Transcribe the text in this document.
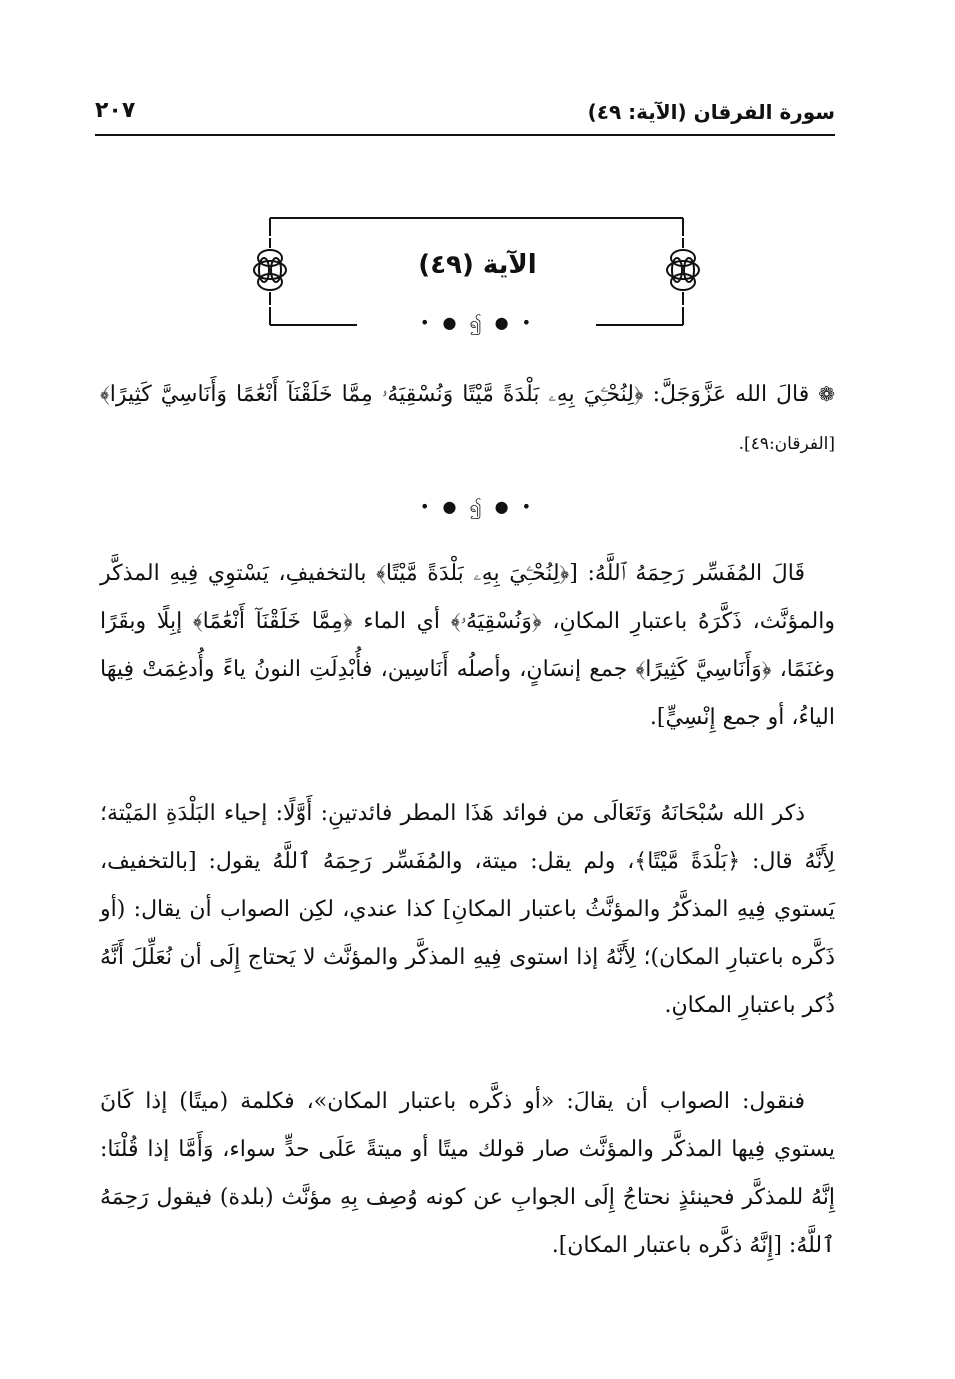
سورة الفرقان (الآية: ٤٩)
٢٠٧
الآية (٤٩)
• ● ၍ ● •

❁ قالَ الله عَزَّوَجَلَّ: ﴿لِنُحْـِۧيَ بِهِۦ بَلْدَةً مَّيْتًا وَنُسْقِيَهُۥ مِمَّا خَلَقْنَآ أَنْعَٰمًا وَأَنَاسِيَّ كَثِيرًا﴾ [الفرقان:٤٩].

• ● ၍ ● •

قَالَ المُفَسِّر رَحِمَهُ ٱللَّهُ: [﴿لِنُحْـِۧيَ بِهِۦ بَلْدَةً مَّيْتًا﴾ بالتخفيفِ، يَسْتوِي فِيهِ المذكَّر والمؤنَّث، ذَكَّرَهُ باعتبارِ المكانِ، ﴿وَنُسْقِيَهُۥ﴾ أي الماء ﴿مِمَّا خَلَقْنَآ أَنْعَٰمًا﴾ إبِلًا وبقَرًا وغنَمًا، ﴿وَأَنَاسِيَّ كَثِيرًا﴾ جمع إنسَانٍ، وأصلُه أَنَاسِين، فأُبْدِلَتِ النونُ ياءً وأُدغِمَتْ فِيهَا الياءُ، أو جمع إِنْسِيٍّ].

ذكر الله سُبْحَانَهُ وَتَعَالَى من فوائد هَذَا المطر فائدتينِ: أَوَّلًا: إحياء البَلْدَةِ المَيْتة؛ لِأَنَّهُ قال: ﴿بَلْدَةً مَّيْتًا﴾، ولم يقل: ميتة، والمُفَسِّر رَحِمَهُ ٱللَّهُ يقول: [بالتخفيف، يَستوي فِيهِ المذكَّرُ والمؤنَّثُ باعتبار المكانِ] كذا عندي، لكِن الصواب أن يقال: (أو ذَكَّره باعتبارِ المكان)؛ لِأَنَّهُ إذا استوى فِيهِ المذكَّر والمؤنَّث لا يَحتاج إِلَى أن نُعَلِّلَ أَنَّهُ ذُكر باعتبارِ المكانِ.

فنقول: الصواب أن يقالَ: «أو ذكَّره باعتبار المكان»، فكلمة (ميتًا) إذا كَانَ يستوي فِيها المذكَّر والمؤنَّث صار قولك ميتًا أو ميتةً عَلَى حدٍّ سواء، وَأَمَّا إذا قُلْنَا: إِنَّهُ للمذكَّر فحينئذٍ نحتاجُ إِلَى الجوابِ عن كونه وُصِف بِهِ مؤنَّث (بلدة) فيقول رَحِمَهُ ٱللَّهُ: [إِنَّهُ ذكَّره باعتبار المكان].
